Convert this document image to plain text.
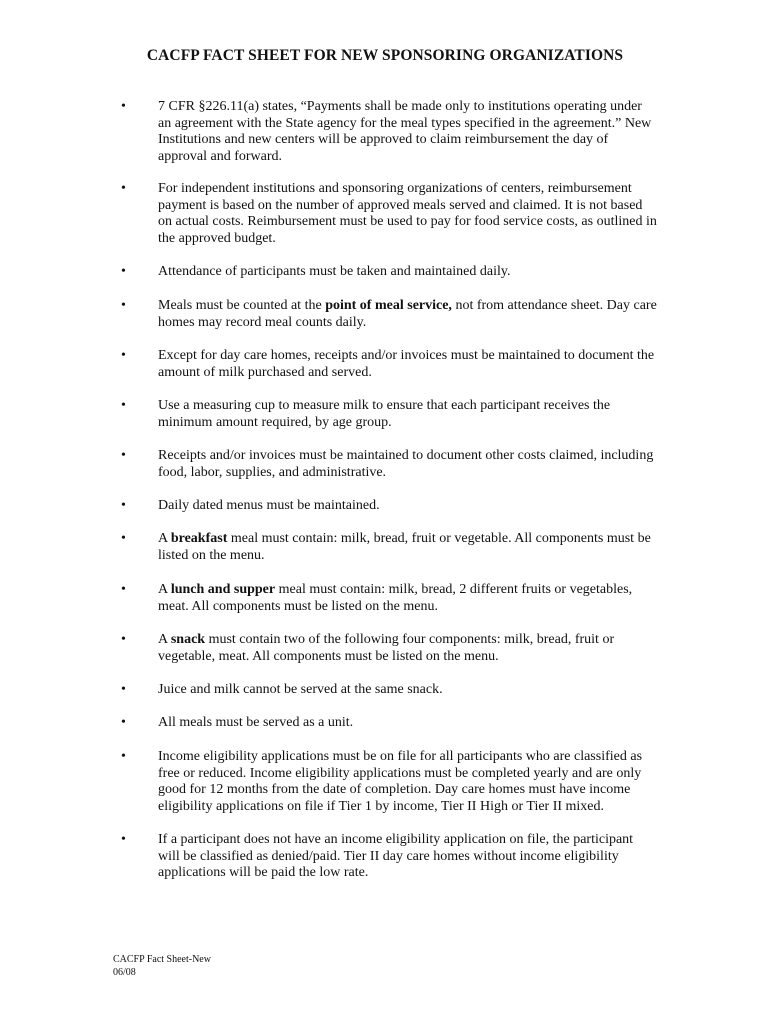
CACFP FACT SHEET FOR NEW SPONSORING ORGANIZATIONS
• 7 CFR §226.11(a) states, “Payments shall be made only to institutions operating under an agreement with the State agency for the meal types specified in the agreement.” New Institutions and new centers will be approved to claim reimbursement the day of approval and forward.

• For independent institutions and sponsoring organizations of centers, reimbursement payment is based on the number of approved meals served and claimed. It is not based on actual costs. Reimbursement must be used to pay for food service costs, as outlined in the approved budget.

• Attendance of participants must be taken and maintained daily.

• Meals must be counted at the point of meal service, not from attendance sheet. Day care homes may record meal counts daily.

• Except for day care homes, receipts and/or invoices must be maintained to document the amount of milk purchased and served.

• Use a measuring cup to measure milk to ensure that each participant receives the minimum amount required, by age group.

• Receipts and/or invoices must be maintained to document other costs claimed, including food, labor, supplies, and administrative.

• Daily dated menus must be maintained.

• A breakfast meal must contain: milk, bread, fruit or vegetable. All components must be listed on the menu.

• A lunch and supper meal must contain: milk, bread, 2 different fruits or vegetables, meat. All components must be listed on the menu.

• A snack must contain two of the following four components: milk, bread, fruit or vegetable, meat. All components must be listed on the menu.

• Juice and milk cannot be served at the same snack.

• All meals must be served as a unit.

• Income eligibility applications must be on file for all participants who are classified as free or reduced. Income eligibility applications must be completed yearly and are only good for 12 months from the date of completion. Day care homes must have income eligibility applications on file if Tier 1 by income, Tier II High or Tier II mixed.

• If a participant does not have an income eligibility application on file, the participant will be classified as denied/paid. Tier II day care homes without income eligibility applications will be paid the low rate.

CACFP Fact Sheet-New
06/08
